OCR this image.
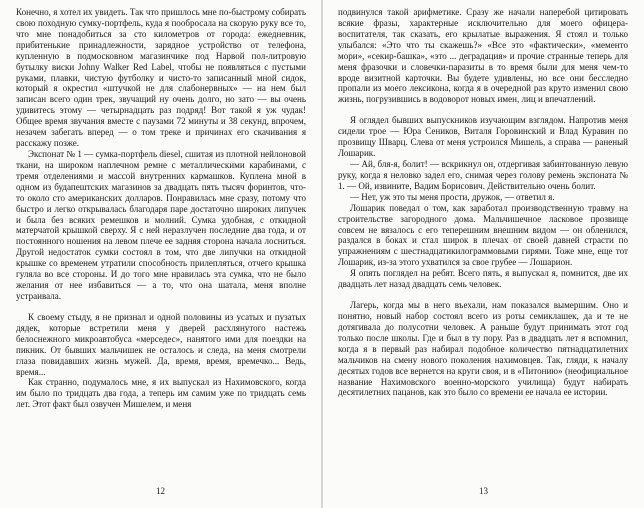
Конечно, я хотел их увидеть. Так что пришлось мне по-быстрому собирать свою походную сумку-портфель, куда я пообросала на скорую руку все то, что мне понадобиться за сто километров от города: ежедневник, прибитенькие принадлежности, зарядное устройство от телефона, купленную в подмосковном магазинчике под Нарвой пол-литровую бутылку виски Johny Walker Red Label, чтобы не появляться с пустыми руками, плавки, чистую футболку и чисто-то записанный мной сидок, который я окрестил «штучкой не для слабонервных» — на нем был записан всего один трек, звучащий ну очень долго, но зато — вы очень удивитесь этому — четырнадцать раз подряд! Вот такой я уж чудак! Общее время звучания вместе с паузами 72 минуты и 38 секунд, впрочем, незачем забегать вперед — о том треке и причинах его скачивания я расскажу позже.

Экспонат № 1 — сумка-портфель diesel, сшитая из плотной нейлоновой ткани, на широком наплечном ремне с металлическими карабинами, с тремя отделениями и массой внутренних кармашков. Куплена мной в одном из будапештских магазинов за двадцать пять тысяч форинтов, что-то около сто американских долларов. Понравилась мне сразу, потому что быстро и легко открывалась благодаря паре достаточно широких липучек и была без всяких ремешков и молний. Сумка удобная, с откидной матерчатой крышкой сверху. Я с ней неразлучен последние два года, и от постоянного ношения на левом плече ее задняя сторона начала лосниться. Другой недостаток сумки состоял в том, что две липучки на откидной крышке со временем утратили способность прилепляться, отчего крышка гуляла во все стороны. И до того мне нравилась эта сумка, что не было желания от нее избавиться — а то, что она шатала, меня вполне устраивала.

К своему стыду, я не признал и одной половины из усатых и пузатых дядек, которые встретили меня у дверей расхлянутого настежь белоснежного микроавтобуса «мерседес», нанятого ими для поездки на пикник. От бывших мальчишек не осталось и следа, на меня смотрели глаза повидавших жизнь мужей. Да, время, время, времечко... Ведь, время...

Как странно, подумалось мне, я их выпускал из Нахимовского, когда им было по тридцать два года, а теперь им самим уже по тридцать семь лет. Этот факт был озвучен Мишелем, и меня

12

подвинулся такой арифметике. Сразу же начали наперебой цитировать всякие фразы, характерные исключительно для моего офицера-воспитателя, так сказать, его крылатые выражения. Я стоял и только улыбался: «Это что ты скажешь?» «Все это «фактически», «мементо мори», «секир-башка», «это ... деградация» и прочие странные теперь для меня фразочки и словечки-паразиты в то время были для меня чем-то вроде визитной карточки. Вы будете удивлены, но все они бесследно пропали из моего лексикона, когда я в очередной раз круто изменил свою жизнь, погрузившись в водоворот новых имен, лиц и впечатлений.

Я оглядел бывших выпускников изучающим взглядом. Напротив меня сидели трое — Юра Сеников, Виталя Горовинский и Влад Куравин по прозвищу Шварц. Слева от меня устроился Мишель, а справа — раненый Лошарик.

— Ай, бля-я, болит! — вскрикнул он, отдергивая забинтованную левую руку, когда я неловко задел его, снимая через голову ремень экспоната № 1. — Ой, извините, Вадим Борисович. Действительно очень болит.

— Нет, уж это ты меня прости, дружок, — ответил я.

Лошарик поведал о том, как заработал производственную травму на строительстве загородного дома. Мальчишечное ласковое прозвище совсем не вязалось с его теперешним внешним видом — он обленился, раздался в боках и стал широк в плечах от своей давней страсти по упражнениям с шестнадцатикилограммовыми гирями. Тоже мне, еще тот Лошарик, из-за этого ухватился за свое грубее — Лошарион.

Я опять поглядел на ребят. Всего пять, я выпускал я, помнится, две их двадцать лет назад двадцать семь человек.

Лагерь, когда мы в него въехали, нам показался вымершим. Оно и понятно, новый набор состоял всего из роты семиклашек, да и те не дотягивала до полусотни человек. А раньше будут принимать этот год только после школы. Где и был в ту пору. Раз в двадцать лет я вспомнил, когда я в первый раз набирал подобное количество пятнадцатилетних мальчиков на смену нового поколения нахимовцев. Так, гляди, к началу десятых годов все вернется на круги своя, и в «Питонию» (неофициальное название Нахимовского военно-морского училища) будут набирать десятилетних пацанов, как это было со времени ее начала ее истории.

13
